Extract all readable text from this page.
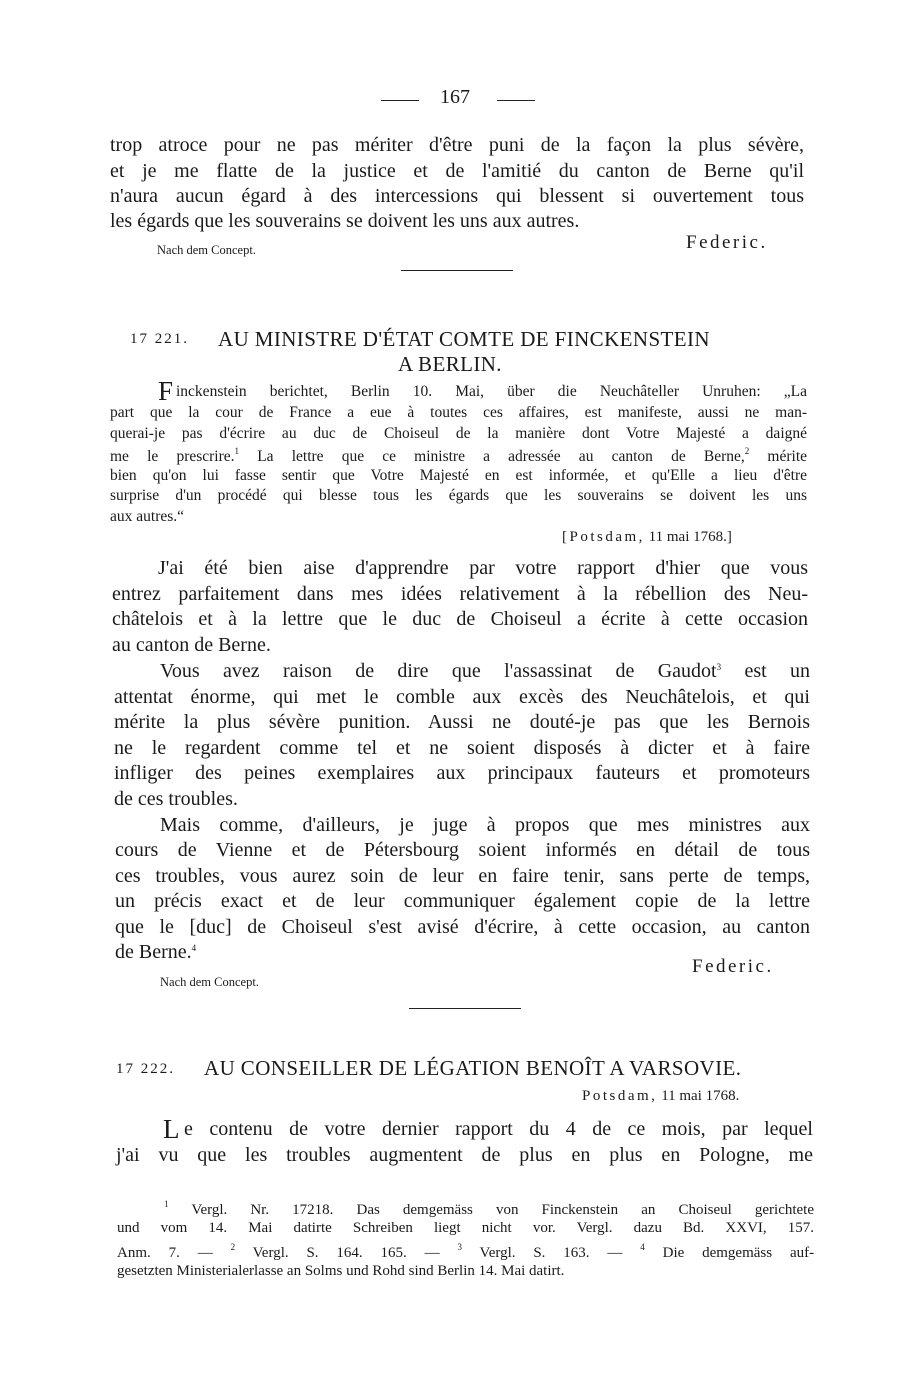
167
trop atroce pour ne pas mériter d'être puni de la façon la plus sévère,
et je me flatte de la justice et de l'amitié du canton de Berne qu'il
n'aura aucun égard à des intercessions qui blessent si ouvertement tous
les égards que les souverains se doivent les uns aux autres.
Nach dem Concept.	Federic.
17 221. AU MINISTRE D'ÉTAT COMTE DE FINCKENSTEIN
A BERLIN.
F inckenstein berichtet, Berlin 10. Mai, über die Neuchâteller Unruhen: „La
part que la cour de France a eue à toutes ces affaires, est manifeste, aussi ne man-
querai-je pas d'écrire au duc de Choiseul de la manière dont Votre Majesté a daigné
me le prescrire.$^1$ La lettre que ce ministre a adressée au canton de Berne,$^2$ mérite
bien qu'on lui fasse sentir que Votre Majesté en est informée, et qu'Elle a lieu d'être
surprise d'un procédé qui blesse tous les égards que les souverains se doivent les uns
aux autres.“
[Potsdam, 11 mai 1768.]
J'ai été bien aise d'apprendre par votre rapport d'hier que vous
entrez parfaitement dans mes idées relativement à la rébellion des Neu-
châtelois et à la lettre que le duc de Choiseul a écrite à cette occasion
au canton de Berne.
Vous avez raison de dire que l'assassinat de Gaudot$^3$ est un
attentat énorme, qui met le comble aux excès des Neuchâtelois, et qui
mérite la plus sévère punition. Aussi ne douté-je pas que les Bernois
ne le regardent comme tel et ne soient disposés à dicter et à faire
infliger des peines exemplaires aux principaux fauteurs et promoteurs
de ces troubles.
Mais comme, d'ailleurs, je juge à propos que mes ministres aux
cours de Vienne et de Pétersbourg soient informés en détail de tous
ces troubles, vous aurez soin de leur en faire tenir, sans perte de temps,
un précis exact et de leur communiquer également copie de la lettre
que le [duc] de Choiseul s'est avisé d'écrire, à cette occasion, au canton
de Berne.$^4$
Nach dem Concept.
Federic.
17 222. AU CONSEILLER DE LÉGATION BENOÎT A VARSOVIE.
Potsdam, 11 mai 1768.
L e contenu de votre dernier rapport du 4 de ce mois, par lequel
j'ai vu que les troubles augmentent de plus en plus en Pologne, me
$^1$ Vergl. Nr. 17218. Das demgemäss von Finckenstein an Choiseul gerichtete
und vom 14. Mai datirte Schreiben liegt nicht vor. Vergl. dazu Bd. XXVI, 157.
Anm. 7. — $^2$ Vergl. S. 164. 165. — $^3$ Vergl. S. 163. — $^4$ Die demgemäss auf-
gesetzten Ministerialerlasse an Solms und Rohd sind Berlin 14. Mai datirt.
